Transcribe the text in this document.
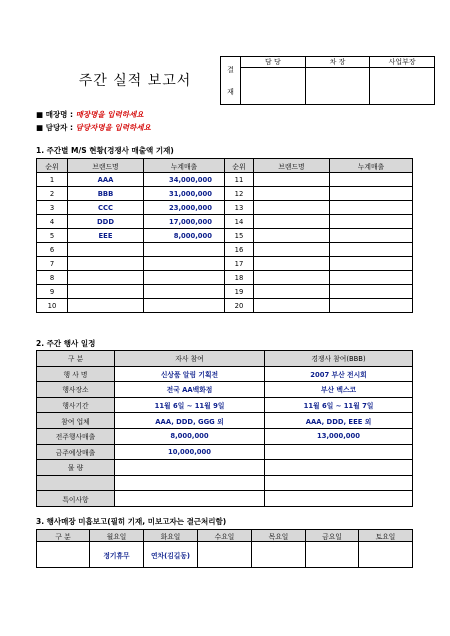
주간 실적 보고서
결
재	담 당	차 장	사업부장

■ 매장명 : 매장명을 입력하세요
■ 담당자 : 담당자명을 입력하세요
1. 주간별 M/S 현황(경쟁사 매출액 기재)
순위	브랜드명	누계매출	순위	브랜드명	누계매출
1	AAA	34,000,000	11		
2	BBB	31,000,000	12		
3	CCC	23,000,000	13		
4	DDD	17,000,000	14		
5	EEE	8,000,000	15		
6			16		
7			17		
8			18		
9			19		
10			20		
2. 주간 행사 일정
구 분	자사 참여	경쟁사 참여(BBB)
행 사 명	신상품 알림 기획전	2007 부산 전시회
행사장소	전국 AA백화점	부산 벡스코
행사기간	11월 6일 ~ 11월 9일	11월 6일 ~ 11월 7일
참여 업체	AAA, DDD, GGG 외	AAA, DDD, EEE 외
전주행사매출	8,000,000	13,000,000
금주예상매출	10,000,000	
물 량		

특이사항		
3. 행사매장 미흡보고(필히 기재, 미보고자는 결근처리함)
구 분	월요일	화요일	수요일	목요일	금요일	토요일
	정기휴무	연차(김길동)				
